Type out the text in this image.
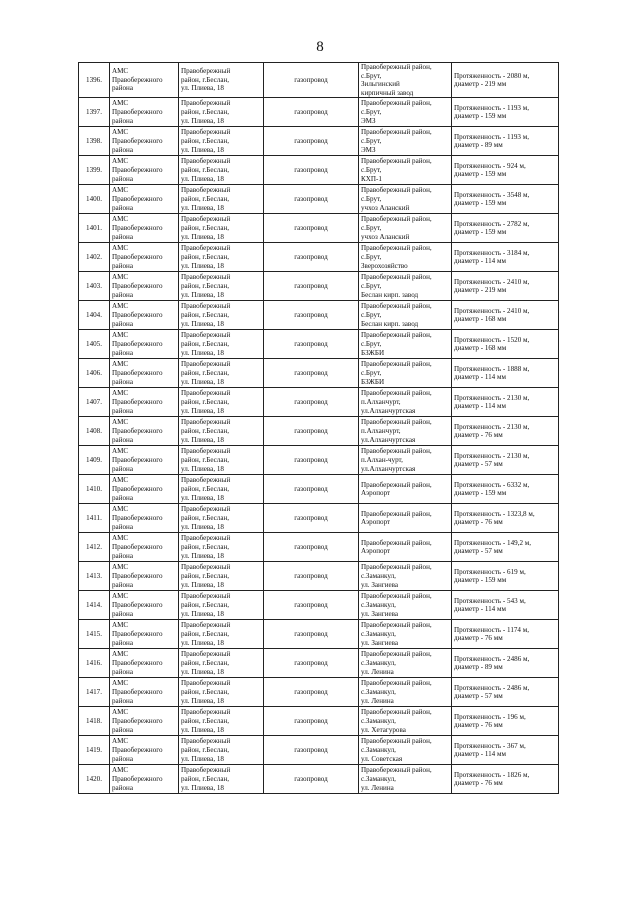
8
1396.	АМС
Правобережного
района	Правобережный
район, г.Беслан,
ул. Плиева, 18	газопровод	Правобережный район,
с.Брут,
Зильгинский
кирпичный завод	Протяженность - 2080 м,
диаметр - 219 мм

1397.	АМС
Правобережного
района	Правобережный
район, г.Беслан,
ул. Плиева, 18	газопровод	Правобережный район,
с.Брут,
ЭМЗ	Протяженность - 1193 м,
диаметр - 159 мм

1398.	АМС
Правобережного
района	Правобережный
район, г.Беслан,
ул. Плиева, 18	газопровод	Правобережный район,
с.Брут,
ЭМЗ	Протяженность - 1193 м,
диаметр - 89 мм

1399.	АМС
Правобережного
района	Правобережный
район, г.Беслан,
ул. Плиева, 18	газопровод	Правобережный район,
с.Брут,
КХП-1	Протяженность - 924 м,
диаметр - 159 мм

1400.	АМС
Правобережного
района	Правобережный
район, г.Беслан,
ул. Плиева, 18	газопровод	Правобережный район,
с.Брут,
учхоз Аланский	Протяженность - 3548 м,
диаметр - 159 мм

1401.	АМС
Правобережного
района	Правобережный
район, г.Беслан,
ул. Плиева, 18	газопровод	Правобережный район,
с.Брут,
учхоз Аланский	Протяженность - 2782 м,
диаметр - 159 мм

1402.	АМС
Правобережного
района	Правобережный
район, г.Беслан,
ул. Плиева, 18	газопровод	Правобережный район,
с.Брут,
Зверохозяйство	Протяженность - 3184 м,
диаметр - 114 мм

1403.	АМС
Правобережного
района	Правобережный
район, г.Беслан,
ул. Плиева, 18	газопровод	Правобережный район,
с.Брут,
Беслан кирп. завод	Протяженность - 2410 м,
диаметр - 219 мм

1404.	АМС
Правобережного
района	Правобережный
район, г.Беслан,
ул. Плиева, 18	газопровод	Правобережный район,
с.Брут,
Беслан кирп. завод	Протяженность - 2410 м,
диаметр - 168 мм

1405.	АМС
Правобережного
района	Правобережный
район, г.Беслан,
ул. Плиева, 18	газопровод	Правобережный район,
с.Брут,
БЗЖБИ	Протяженность - 1520 м,
диаметр - 168 мм

1406.	АМС
Правобережного
района	Правобережный
район, г.Беслан,
ул. Плиева, 18	газопровод	Правобережный район,
с.Брут,
БЗЖБИ	Протяженность - 1888 м,
диаметр - 114 мм

1407.	АМС
Правобережного
района	Правобережный
район, г.Беслан,
ул. Плиева, 18	газопровод	Правобережный район,
п.Алханчурт,
ул.Алханчуртская	Протяженность - 2130 м,
диаметр - 114 мм

1408.	АМС
Правобережного
района	Правобережный
район, г.Беслан,
ул. Плиева, 18	газопровод	Правобережный район,
п.Алханчурт,
ул.Алханчуртская	Протяженность - 2130 м,
диаметр - 76 мм

1409.	АМС
Правобережного
района	Правобережный
район, г.Беслан,
ул. Плиева, 18	газопровод	Правобережный район,
п.Алхан-чурт,
ул.Алханчуртская	Протяженность - 2130 м,
диаметр - 57 мм

1410.	АМС
Правобережного
района	Правобережный
район, г.Беслан,
ул. Плиева, 18	газопровод	Правобережный район,
Аэропорт	Протяженность - 6332 м,
диаметр - 159 мм

1411.	АМС
Правобережного
района	Правобережный
район, г.Беслан,
ул. Плиева, 18	газопровод	Правобережный район,
Аэропорт	Протяженность - 1323,8 м,
диаметр - 76 мм

1412.	АМС
Правобережного
района	Правобережный
район, г.Беслан,
ул. Плиева, 18	газопровод	Правобережный район,
Аэропорт	Протяженность - 149,2 м,
диаметр - 57 мм

1413.	АМС
Правобережного
района	Правобережный
район, г.Беслан,
ул. Плиева, 18	газопровод	Правобережный район,
с.Заманкул,
ул. Зангиева	Протяженность - 619 м,
диаметр - 159 мм

1414.	АМС
Правобережного
района	Правобережный
район, г.Беслан,
ул. Плиева, 18	газопровод	Правобережный район,
с.Заманкул,
ул. Зангиева	Протяженность - 543 м,
диаметр - 114 мм

1415.	АМС
Правобережного
района	Правобережный
район, г.Беслан,
ул. Плиева, 18	газопровод	Правобережный район,
с.Заманкул,
ул. Зангиева	Протяженность - 1174 м,
диаметр - 76 мм

1416.	АМС
Правобережного
района	Правобережный
район, г.Беслан,
ул. Плиева, 18	газопровод	Правобережный район,
с.Заманкул,
ул. Ленина	Протяженность - 2486 м,
диаметр - 89 мм

1417.	АМС
Правобережного
района	Правобережный
район, г.Беслан,
ул. Плиева, 18	газопровод	Правобережный район,
с.Заманкул,
ул. Ленина	Протяженность - 2486 м,
диаметр - 57 мм

1418.	АМС
Правобережного
района	Правобережный
район, г.Беслан,
ул. Плиева, 18	газопровод	Правобережный район,
с.Заманкул,
ул. Хетагурова	Протяженность - 196 м,
диаметр - 76 мм

1419.	АМС
Правобережного
района	Правобережный
район, г.Беслан,
ул. Плиева, 18	газопровод	Правобережный район,
с.Заманкул,
ул. Советская	Протяженность - 367 м,
диаметр - 114 мм

1420.	АМС
Правобережного
района	Правобережный
район, г.Беслан,
ул. Плиева, 18	газопровод	Правобережный район,
с.Заманкул,
ул. Ленина	Протяженность - 1826 м,
диаметр - 76 мм
